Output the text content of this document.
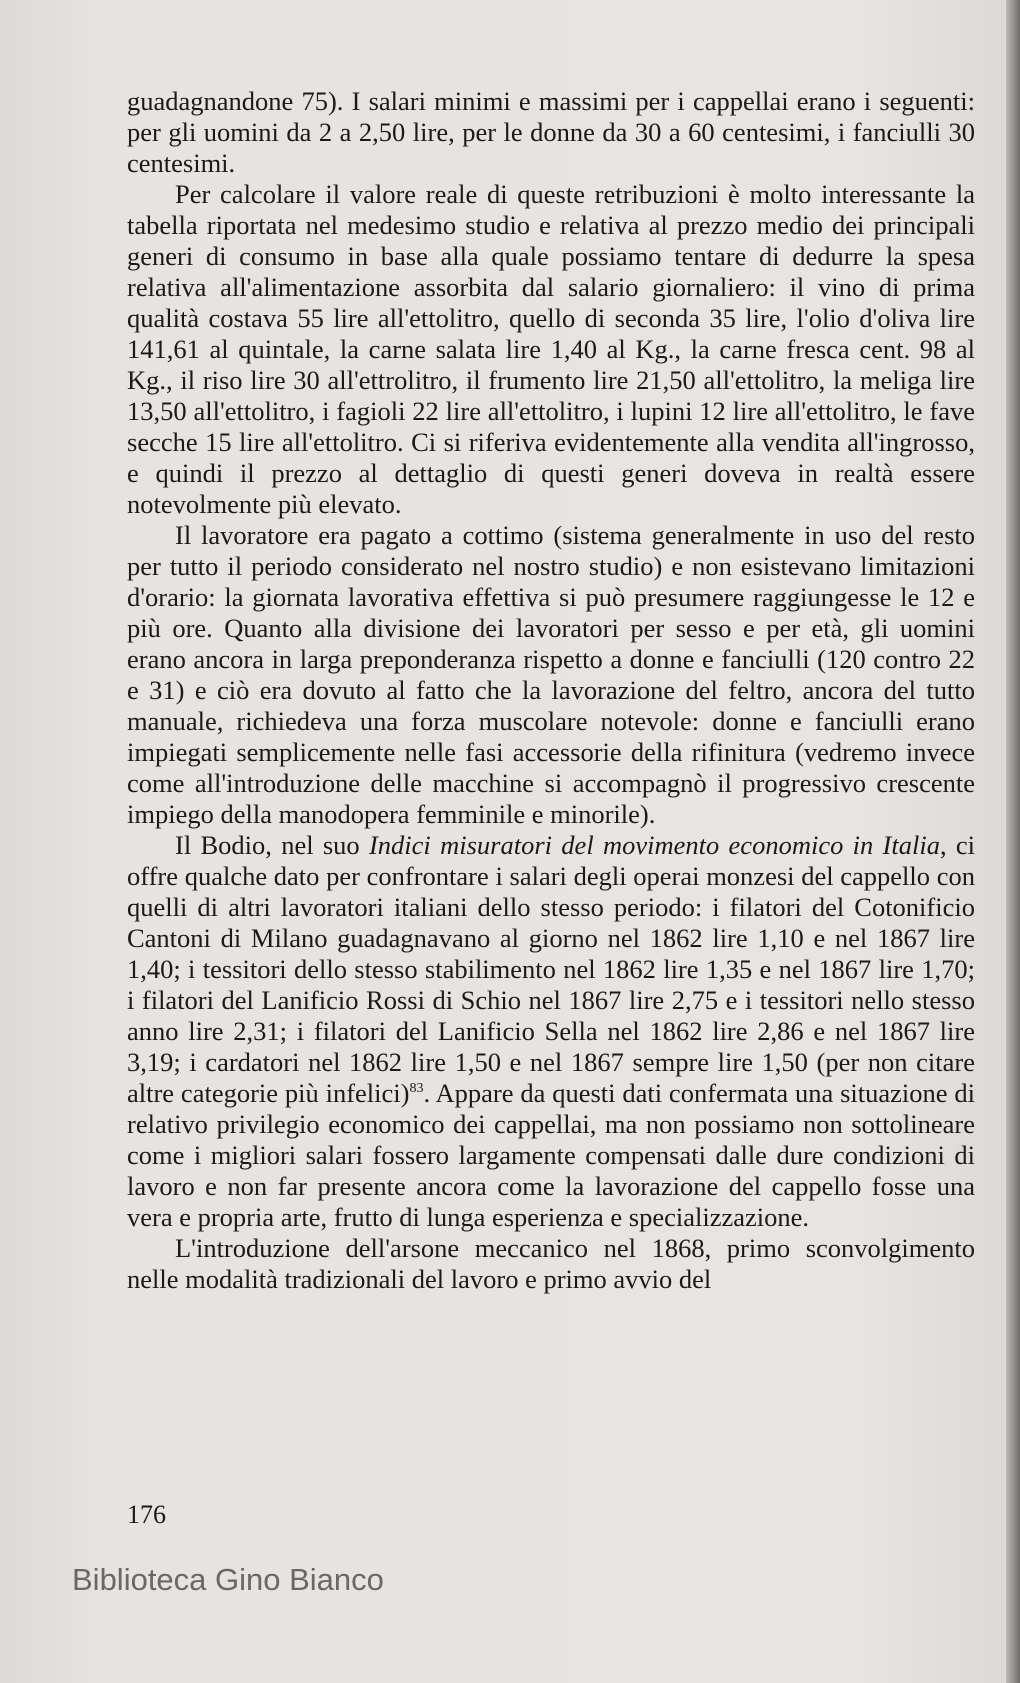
guadagnandone 75). I salari minimi e massimi per i cappellai erano i seguenti: per gli uomini da 2 a 2,50 lire, per le donne da 30 a 60 centesimi, i fanciulli 30 centesimi.

Per calcolare il valore reale di queste retribuzioni è molto interessante la tabella riportata nel medesimo studio e relativa al prezzo medio dei principali generi di consumo in base alla quale possiamo tentare di dedurre la spesa relativa all'alimentazione assorbita dal salario giornaliero: il vino di prima qualità costava 55 lire all'ettolitro, quello di seconda 35 lire, l'olio d'oliva lire 141,61 al quintale, la carne salata lire 1,40 al Kg., la carne fresca cent. 98 al Kg., il riso lire 30 all'ettrolitro, il frumento lire 21,50 all'ettolitro, la meliga lire 13,50 all'ettolitro, i fagioli 22 lire all'ettolitro, i lupini 12 lire all'ettolitro, le fave secche 15 lire all'ettolitro. Ci si riferiva evidentemente alla vendita all'ingrosso, e quindi il prezzo al dettaglio di questi generi doveva in realtà essere notevolmente più elevato.

Il lavoratore era pagato a cottimo (sistema generalmente in uso del resto per tutto il periodo considerato nel nostro studio) e non esistevano limitazioni d'orario: la giornata lavorativa effettiva si può presumere raggiungesse le 12 e più ore. Quanto alla divisione dei lavoratori per sesso e per età, gli uomini erano ancora in larga preponderanza rispetto a donne e fanciulli (120 contro 22 e 31) e ciò era dovuto al fatto che la lavorazione del feltro, ancora del tutto manuale, richiedeva una forza muscolare notevole: donne e fanciulli erano impiegati semplicemente nelle fasi accessorie della rifinitura (vedremo invece come all'introduzione delle macchine si accompagnò il progressivo crescente impiego della manodopera femminile e minorile).

Il Bodio, nel suo Indici misuratori del movimento economico in Italia, ci offre qualche dato per confrontare i salari degli operai monzesi del cappello con quelli di altri lavoratori italiani dello stesso periodo: i filatori del Cotonificio Cantoni di Milano guadagnavano al giorno nel 1862 lire 1,10 e nel 1867 lire 1,40; i tessitori dello stesso stabilimento nel 1862 lire 1,35 e nel 1867 lire 1,70; i filatori del Lanificio Rossi di Schio nel 1867 lire 2,75 e i tessitori nello stesso anno lire 2,31; i filatori del Lanificio Sella nel 1862 lire 2,86 e nel 1867 lire 3,19; i cardatori nel 1862 lire 1,50 e nel 1867 sempre lire 1,50 (per non citare altre categorie più infelici)$^{83}$. Appare da questi dati confermata una situazione di relativo privilegio economico dei cappellai, ma non possiamo non sottolineare come i migliori salari fossero largamente compensati dalle dure condizioni di lavoro e non far presente ancora come la lavorazione del cappello fosse una vera e propria arte, frutto di lunga esperienza e specializzazione.

L'introduzione dell'arsone meccanico nel 1868, primo sconvolgimento nelle modalità tradizionali del lavoro e primo avvio del

176
Biblioteca Gino Bianco
